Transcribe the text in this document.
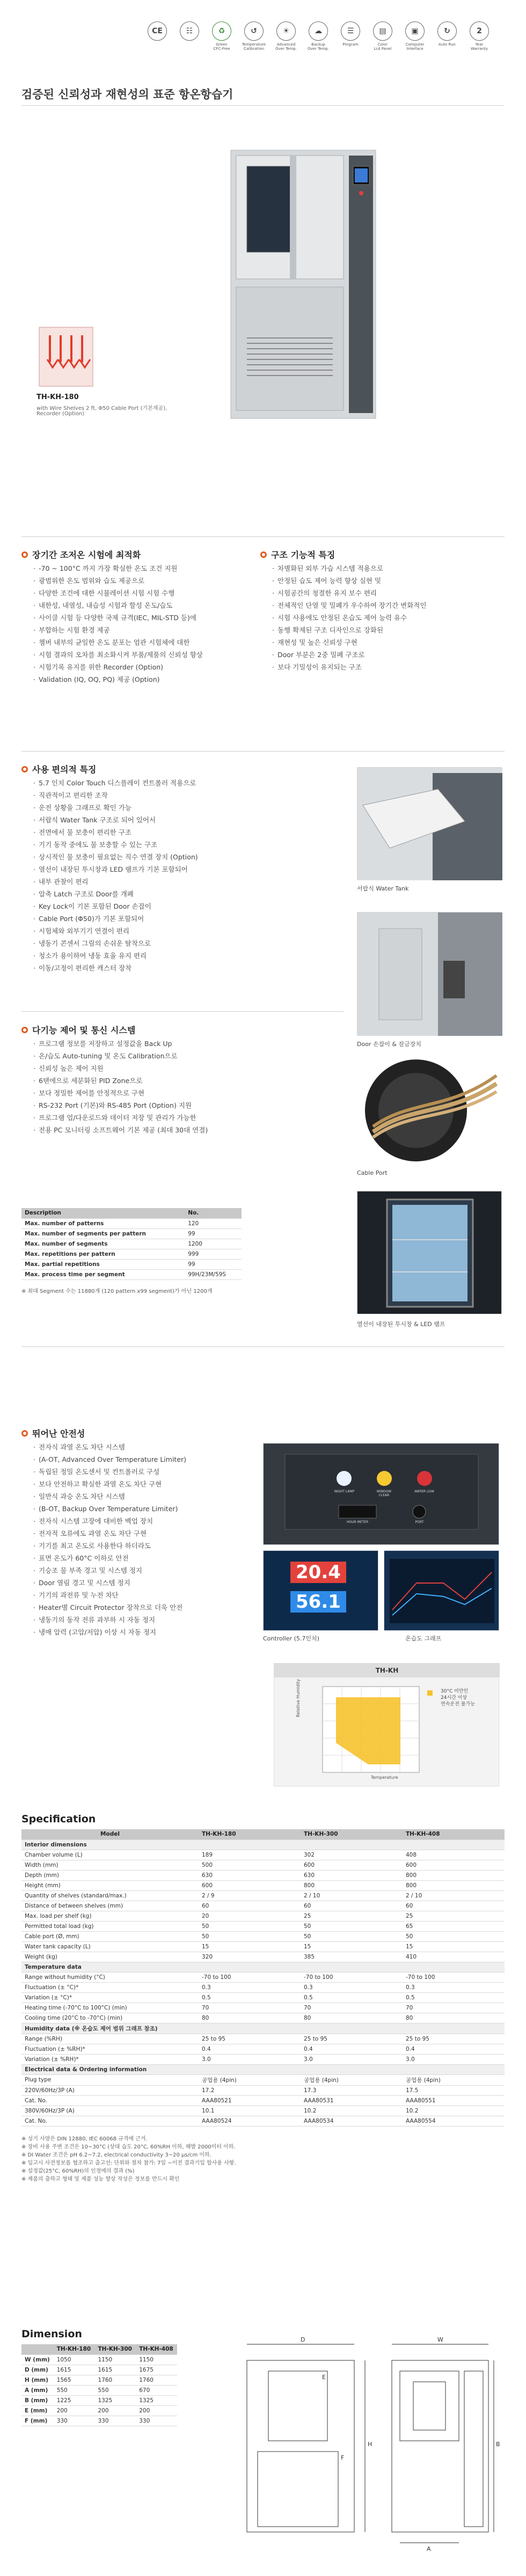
CE	☷	♻
Green
CFC-Free
↺
Temperature
Calibration
☀
Advanced
Over Temp.
☁
Backup
Over Temp.
☰
Program
▤
Color
Lcd Panel
▣
Computer
Interface
↻
Auto Run
2
Year
Warranty
검증된 신뢰성과 재현성의 표준 항온항습기
TH-KH-180
with Wire Shelves 2 ft, Φ50 Cable Port (기본제공),
Recorder (Option)
장기간 조저온 시험에 최적화
· -70 ~ 100°C 까지 가장 확실한 온도 조건 지원
· 광범위한 온도 범위와 습도 제공으로
· 다양한 조건에 대한 시뮬레이션 시험 시험 수행
· 내한성, 내열성, 내습성 시험과 할성 온도/습도
· 사이클 시험 등 다양한 국제 규격(IEC, MIL-STD 등)에
· 부합하는 시험 환경 제공
· 챔버 내부의 균일한 온도 분포는 엄관 시험체에 대한
· 시험 결과의 오차를 최소화시켜 부품/제품의 신뢰성 향상
· 시험기록 유지를 위한 Recorder (Option)
· Validation (IQ, OQ, PQ) 제공 (Option)
구조 기능적 특징
· 차별화된 외부 가습 시스템 적용으로
· 안정된 습도 제어 능력 향상 실현 및
· 시험공간의 청결한 유지 보수 편리
· 전체적인 단열 및 밀폐가 우수하여 장기간 변화적인
· 시험 사용에도 안정된 온습도 제어 능력 유수
· 동행 확제된 구조 디자인으로 강화된
· 재현성 및 높은 신뢰성 구현
· Door 부분은 2중 밀폐 구조로
· 보다 기밀성이 유지되는 구조
사용 편의적 특징
· 5.7 인치 Color Touch 디스플레이 컨트롤러 적용으로
· 직관적이고 편리한 조작
· 운전 상황을 그래프로 확인 가능
· 서랍식 Water Tank 구조로 되어 있어서
· 전면에서 물 보충이 편리한 구조
· 기기 동작 중에도 물 보충할 수 있는 구조
· 상시적인 물 보충이 필요없는 직수 연결 장치 (Option)
· 열선이 내장된 투시창과 LED 램프가 기본 포함되어
· 내부 관찰이 편리
· 압축 Latch 구조로 Door를 개폐
· Key Lock이 기본 포함된 Door 손잡이
· Cable Port (Φ50)가 기본 포함되어
· 시험체와 외부기기 연결이 편리
· 냉동기 콘센서 그릴의 손쉬운 탈착으로
· 청소가 용이하여 냉동 효율 유지 편리
· 이동/고정이 편리한 캐스터 장착
서랍식 Water Tank
Door 손잡이 & 잠금장치
다기능 제어 및 통신 시스템
· 프로그램 정보를 저장하고 설정값을 Back Up
· 온/습도 Auto-tuning 및 온도 Calibration으로
· 신뢰성 높은 제어 지원
· 6탠에으로 세분화된 PID Zone으로
· 보다 정밀한 제어를 안정적으로 구현
· RS-232 Port (기본)와 RS-485 Port (Option) 지원
· 프로그램 업/다운로드와 데이터 저장 및 관리가 가능한
· 전용 PC 모니터링 소프트웨어 기본 제공 (최대 30대 연결)
Cable Port
Description	No.
Max. number of patterns	120
Max. number of segments per pattern	99
Max. number of segments	1200
Max. repetitions per pattern	999
Max. partial repetitions	99
Max. process time per segment	99H/23M/59S
※ 최대 Segment 수는 11880개 (120 pattern x99 segment)가 아닌 1200개
열선이 내장된 투시창 & LED 램프
뛰어난 안전성
· 전자식 과열 온도 차단 시스템
· (A-OT, Advanced Over Temperature Limiter)
· 독립된 정밀 온도센서 및 컨트롤러로 구성
· 보다 안전하고 확실한 과열 온도 차단 구현
· 일반식 과승 온도 차단 시스템
· (B-OT, Backup Over Temperature Limiter)
· 전자식 시스템 고장에 대비한 백업 장치
· 전자적 오류에도 과열 온도 차단 구현
· 기기를 최고 온도로 사용한다 하더라도
· 표면 온도가 60°C 이하로 안전
· 기승조 물 부족 경고 및 시스템 정지
· Door 열림 경고 및 시스템 정지
· 기기의 과전류 및 누전 차단
· Heater별 Circuit Protector 장착으로 더욱 안전
· 냉동기의 동작 전류 과부하 시 자동 정지
· 냉매 압력 (고압/저압) 이상 시 자동 정지
NIGHT LAMP	WINDOW CLEAR
WATER LOW
HOUR METER	PORT
20.4
56.1
Controller (5.7인치)	온습도 그래프
TH-KH
30°C 미만인
24시간 이상
연속운전 불가능
Temperature
Relative Humidity
Specification
Model	TH-KH-180	TH-KH-300	TH-KH-408
Interior dimensions			
Chamber volume (L)	189	302	408
Width (mm)	500	600	600
Depth (mm)	630	630	800
Height (mm)	600	800	800
Quantity of shelves (standard/max.)	2 / 9	2 / 10	2 / 10
Distance of between shelves (mm)	60	60	60
Max. load per shelf (kg)	20	25	25
Permitted total load (kg)	50	50	65
Cable port (Ø, mm)	50	50	50
Water tank capacity (L)	15	15	15
Weight (kg)	320	385	410
Temperature data			
Range without humidity (°C)	-70 to 100	-70 to 100	-70 to 100
Fluctuation (± °C)*	0.3	0.3	0.3
Variation (± °C)*	0.5	0.5	0.5
Heating time (-70°C to 100°C) (min)	70	70	70
Cooling time (20°C to -70°C) (min)	80	80	80
Humidity data (※ 온습도 제어 범위 그래프 참조)			
Range (%RH)	25 to 95	25 to 95	25 to 95
Fluctuation (± %RH)*	0.4	0.4	0.4
Variation (± %RH)*	3.0	3.0	3.0
Electrical data & Ordering information			
Plug type	공업용 (4pin)	공업용 (4pin)	공업용 (4pin)
220V/60Hz/3P (A)	17.2	17.3	17.5
Cat. No.	AAA80521	AAA80531	AAA80551
380V/60Hz/3P (A)	10.1	10.2	10.2
Cat. No.	AAA80524	AAA80534	AAA80554
※ 성기 사양은 DIN 12880, IEC 60068 규격에 근거.
※ 장비 사용 주변 조건은 10~30°C (상대 습도 20°C, 60%RH 이하, 해발 2000미터 이하.
※ DI Water 조건은 pH 6.2~7.2, electrical conductivity 3~20 μs/cm 이하.
※ 입고시 사전정보를 협조하고 출고선: 단위와 절차 참가: 7일 ~이전 결과기입 함사용 사항.
※ 설정값(25°C, 60%RH)의 인정에의 결과 (%)
※ 제품의 출하고 형태 및 제품 성능 향상 작성은 정보를 반드시 확인
Dimension
	TH-KH-180	TH-KH-300	TH-KH-408
W (mm)	1050	1150	1150
D (mm)	1615	1615	1675
H (mm)	1565	1760	1760
A (mm)	550	550	670
B (mm)	1225	1325	1325
E (mm)	200	200	200
F (mm)	330	330	330
D
H
W
B
A
E
F
